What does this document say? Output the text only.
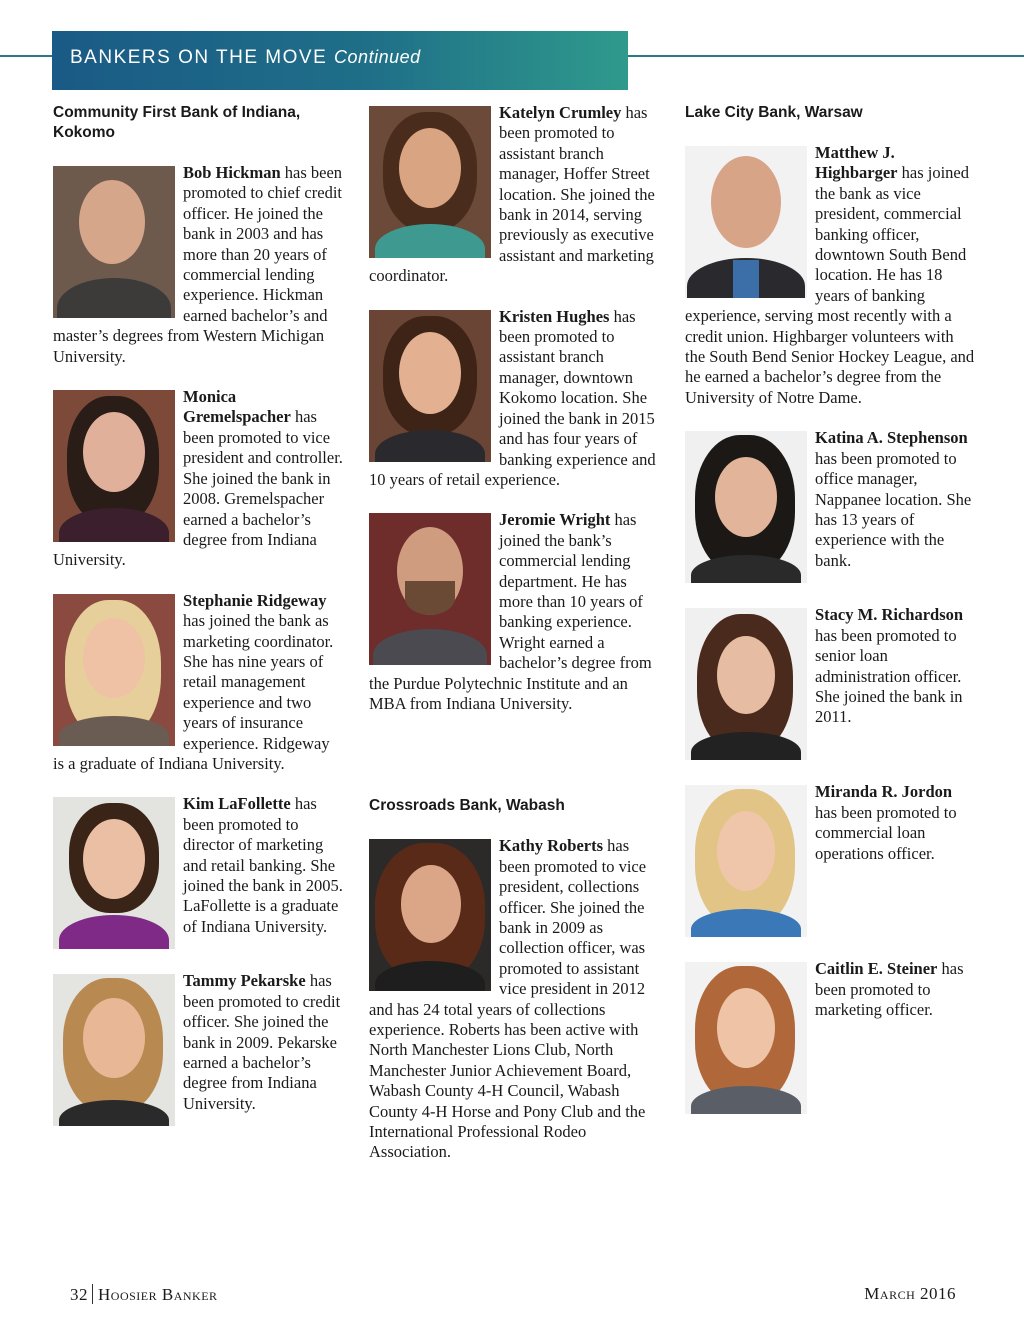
BANKERS ON THE MOVE Continued

Community First Bank of Indiana, Kokomo

Bob Hickman has been promoted to chief credit officer. He joined the bank in 2003 and has more than 20 years of commercial lending experience. Hickman earned bachelor’s and master’s degrees from Western Michigan University.
Monica Gremelspacher has been promoted to vice president and controller. She joined the bank in 2008. Gremelspacher earned a bachelor’s degree from Indiana University.
Stephanie Ridgeway has joined the bank as marketing coordinator. She has nine years of retail management experience and two years of insurance experience. Ridgeway is a graduate of Indiana University.
Kim LaFollette has been promoted to director of marketing and retail banking. She joined the bank in 2005. LaFollette is a graduate of Indiana University.
Tammy Pekarske has been promoted to credit officer. She joined the bank in 2009. Pekarske earned a bachelor’s degree from Indiana University.
Katelyn Crumley has been promoted to assistant branch manager, Hoffer Street location. She joined the bank in 2014, serving previously as executive assistant and marketing coordinator.
Kristen Hughes has been promoted to assistant branch manager, downtown Kokomo location. She joined the bank in 2015 and has four years of banking experience and 10 years of retail experience.
Jeromie Wright has joined the bank’s commercial lending department. He has more than 10 years of banking experience. Wright earned a bachelor’s degree from the Purdue Polytechnic Institute and an MBA from Indiana University.

Crossroads Bank, Wabash

Kathy Roberts has been promoted to vice president, collections officer. She joined the bank in 2009 as collection officer, was promoted to assistant vice president in 2012 and has 24 total years of collections experience. Roberts has been active with North Manchester Lions Club, North Manchester Junior Achievement Board, Wabash County 4-H Council, Wabash County 4-H Horse and Pony Club and the International Professional Rodeo Association.

Lake City Bank, Warsaw

Matthew J. Highbarger has joined the bank as vice president, commercial banking officer, downtown South Bend location. He has 18 years of banking experience, serving most recently with a credit union. Highbarger volunteers with the South Bend Senior Hockey League, and he earned a bachelor’s degree from the University of Notre Dame.
Katina A. Stephenson has been promoted to office manager, Nappanee location. She has 13 years of experience with the bank.
Stacy M. Richardson has been promoted to senior loan administration officer. She joined the bank in 2011.
Miranda R. Jordon has been promoted to commercial loan operations officer.
Caitlin E. Steiner has been promoted to marketing officer.
32 Hoosier Banker	March 2016
